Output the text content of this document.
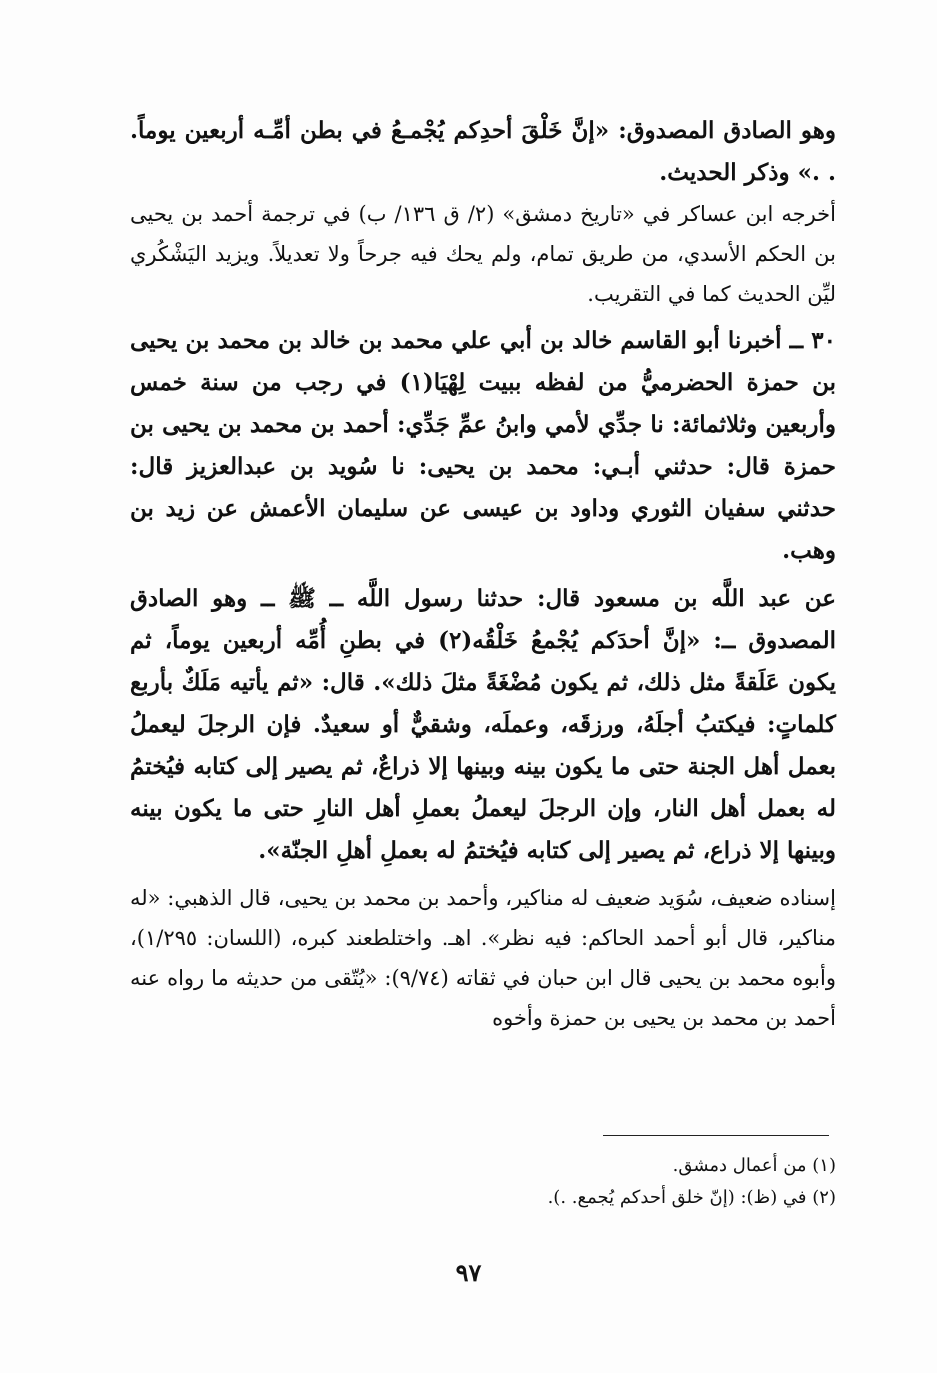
وهو الصادق المصدوق: «إنَّ خَلْقَ أحدِكم يُجْمـعُ في بطن أمِّـه أربعين يوماً. . .» وذكر الحديث.

أخرجه ابن عساكر في «تاريخ دمشق» (٢/ ق ١٣٦/ ب) في ترجمة أحمد بن يحيى بن الحكم الأسدي، من طريق تمام، ولم يحك فيه جرحاً ولا تعديلاً. ويزيد اليَشْكُري ليِّن الحديث كما في التقريب.

٣٠ ــ أخبرنا أبو القاسم خالد بن أبي علي محمد بن خالد بن محمد بن يحيى بن حمزة الحضرميُّ من لفظه ببيت لِهْيَا(١) في رجب من سنة خمس وأربعين وثلاثمائة: نا جدِّي لأمي وابنُ عمِّ جَدِّي: أحمد بن محمد بن يحيى بن حمزة قال: حدثني أبـي: محمد بن يحيى: نا سُويد بن عبدالعزيز قال: حدثني سفيان الثوري وداود بن عيسى عن سليمان الأعمش عن زيد بن وهب.

عن عبد اللَّه بن مسعود قال: حدثنا رسول اللَّه ــ ﷺ ــ وهو الصادق المصدوق ــ: «إنَّ أحدَكم يُجْمعُ خَلْقُه(٢) في بطنِ أُمِّه أربعين يوماً، ثم يكون عَلَقةً مثل ذلك، ثم يكون مُضْغَةً مثلَ ذلك». قال: «ثم يأتيه مَلَكٌ بأربع كلماتٍ: فيكتبُ أجلَهُ، ورزقَه، وعملَه، وشقيٌّ أو سعيدٌ. فإن الرجلَ ليعملُ بعمل أهل الجنة حتى ما يكون بينه وبينها إلا ذراعٌ، ثم يصير إلى كتابه فيُختمُ له بعمل أهل النار، وإن الرجلَ ليعملُ بعملِ أهل النارِ حتى ما يكون بينه وبينها إلا ذراع، ثم يصير إلى كتابه فيُختمُ له بعملِ أهلِ الجنّة».

إسناده ضعيف، سُوَيد ضعيف له مناكير، وأحمد بن محمد بن يحيى، قال الذهبي: «له مناكير، قال أبو أحمد الحاكم: فيه نظر». اهـ. واختلطعند كبره، (اللسان: ١/٢٩٥)، وأبوه محمد بن يحيى قال ابن حبان في ثقاته (٩/٧٤): «يُتّقى من حديثه ما رواه عنه أحمد بن محمد بن يحيى بن حمزة وأخوه

(١) من أعمال دمشق.

(٢) في (ظ): (إنّ خلق أحدكم يُجمع. .).

٩٧
